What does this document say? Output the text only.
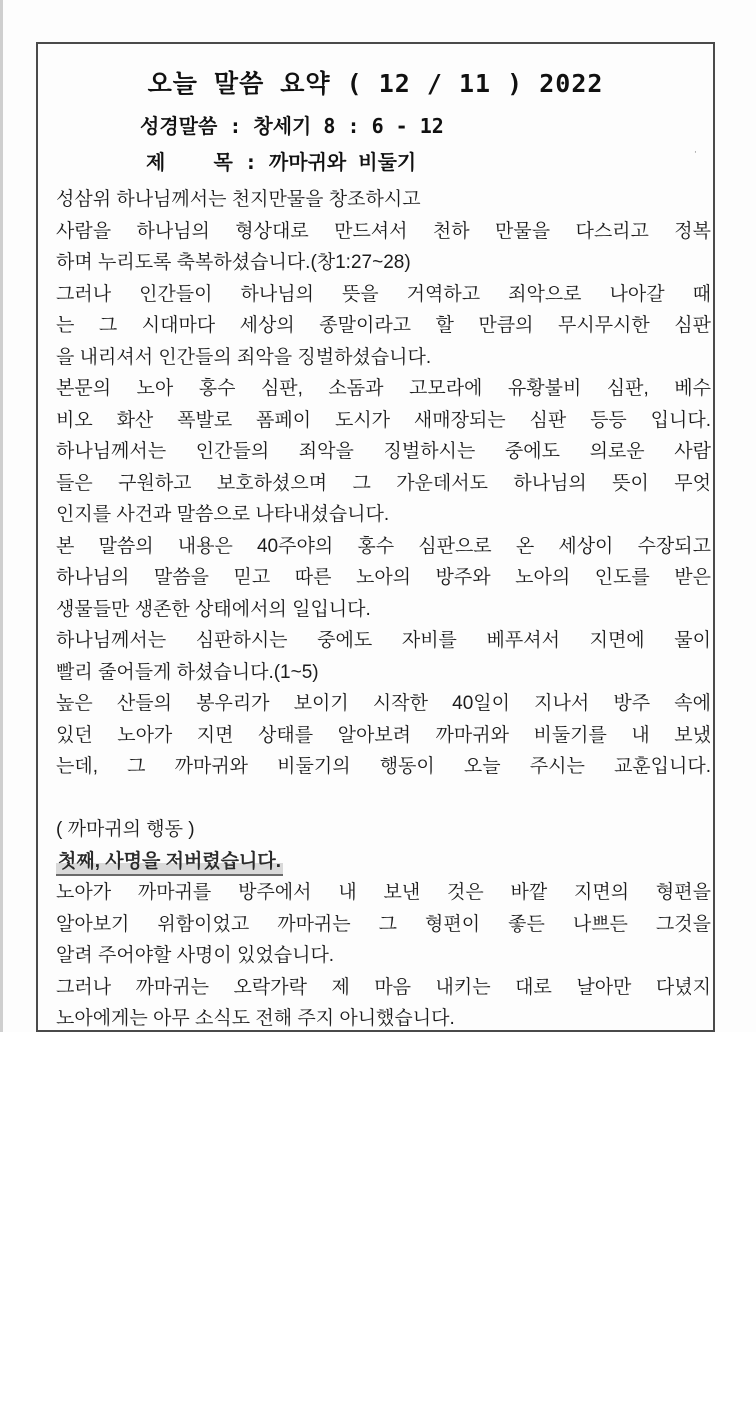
오늘 말씀 요약 ( 12 / 11 ) 2022
성경말씀 : 창세기 8 : 6 - 12
제    목 : 까마귀와 비둘기	·
성삼위 하나님께서는 천지만물을 창조하시고
사람을 하나님의 형상대로 만드셔서 천하 만물을 다스리고 정복
하며 누리도록 축복하셨습니다.(창1:27~28)
그러나 인간들이 하나님의 뜻을 거역하고 죄악으로 나아갈 때
는 그 시대마다 세상의 종말이라고 할 만큼의 무시무시한 심판
을 내리셔서 인간들의 죄악을 징벌하셨습니다.
본문의 노아 홍수 심판, 소돔과 고모라에 유황불비 심판, 베수
비오 화산 폭발로 폼페이 도시가 새매장되는 심판 등등 입니다.
하나님께서는 인간들의 죄악을 징벌하시는 중에도 의로운 사람
들은 구원하고 보호하셨으며 그 가운데서도 하나님의 뜻이 무엇
인지를 사건과 말씀으로 나타내셨습니다.
본 말씀의 내용은 40주야의 홍수 심판으로 온 세상이 수장되고
하나님의 말씀을 믿고 따른 노아의 방주와 노아의 인도를 받은
생물들만 생존한 상태에서의 일입니다.
하나님께서는 심판하시는 중에도 자비를 베푸셔서 지면에 물이
빨리 줄어들게 하셨습니다.(1~5)
높은 산들의 봉우리가 보이기 시작한 40일이 지나서 방주 속에
있던 노아가 지면 상태를 알아보려 까마귀와 비둘기를 내 보냈
는데, 그 까마귀와 비둘기의 행동이 오늘 주시는 교훈입니다.
( 까마귀의 행동 )
첫째, 사명을 저버렸습니다.
노아가 까마귀를 방주에서 내 보낸 것은 바깥 지면의 형편을
알아보기 위함이었고 까마귀는 그 형편이 좋든 나쁘든 그것을
알려 주어야할 사명이 있었습니다.
그러나 까마귀는 오락가락 제 마음 내키는 대로 날아만 다녔지
노아에게는 아무 소식도 전해 주지 아니했습니다.
